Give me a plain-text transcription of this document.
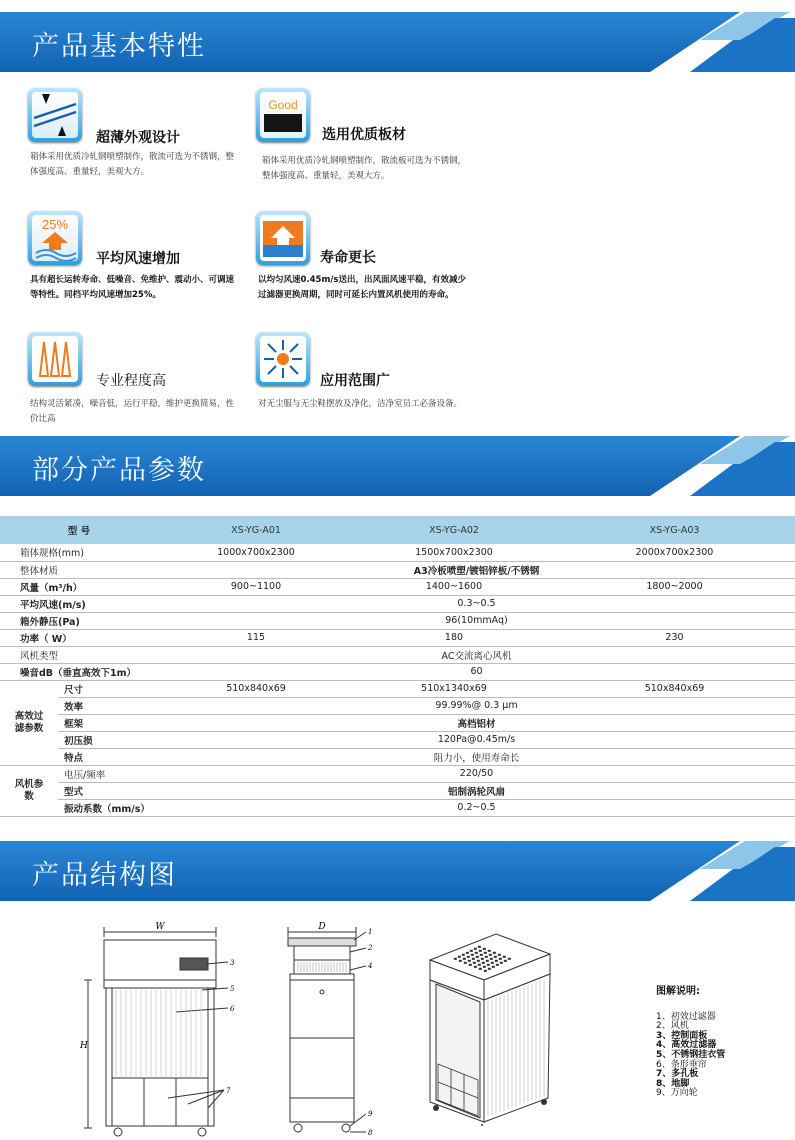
产品基本特性
超薄外观设计
箱体采用优质冷轧钢喷塑制作，散流可选为不锈钢，整体强度高、重量轻，美观大方。
Good
选用优质板材
箱体采用优质冷轧钢喷塑制作，散流板可选为不锈钢，整体强度高、重量轻，美观大方。
25%
平均风速增加
具有超长运转寿命、低噪音、免维护、震动小、可调速等特性。同档平均风速增加25%。
寿命更长
以均匀风速0.45m/s送出，出风面风速平稳，有效减少过滤器更换周期，同时可延长内置风机使用的寿命。
专业程度高
结构灵活紧凑，噪音低，运行平稳，维护更换简易，性价比高
应用范围广
对无尘服与无尘鞋摆放及净化，洁净室员工必备设备。
部分产品参数
型 号		XS-YG-A01	XS-YG-A02	XS-YG-A03
箱体规格(mm)		1000x700x2300	1500x700x2300	2000x700x2300
整体材质		A3冷板喷塑/镀铝锌板/不锈钢		
风量（m³/h）		900~1100	1400~1600	1800~2000
平均风速(m/s)		0.3~0.5		
箱外静压(Pa)		96(10mmAq)		
功率（ W）		115	180	230
风机类型		AC交流离心风机		
噪音dB（垂直高效下1m）		60		

高效过滤参数	尺寸	510x840x69	510x1340x69	510x840x69
	效率	99.99%@ 0.3 μm		
	框架	高档铝材		
	初压损	120Pa@0.45m/s		
	特点	阻力小，使用寿命长		

风机参数	电压/频率	220/50		
	型式	铝制涡轮风扇		
	振动系数（mm/s）	0.2~0.5		
产品结构图
W
H
3
5
6
7
D	1
2
4
9
8
图解说明:
1、初效过滤器
2、风机
3、控制面板
4、高效过滤器
5、不锈钢挂衣管
6、条形垂帘
7、多孔板
8、地脚
9、万向轮
